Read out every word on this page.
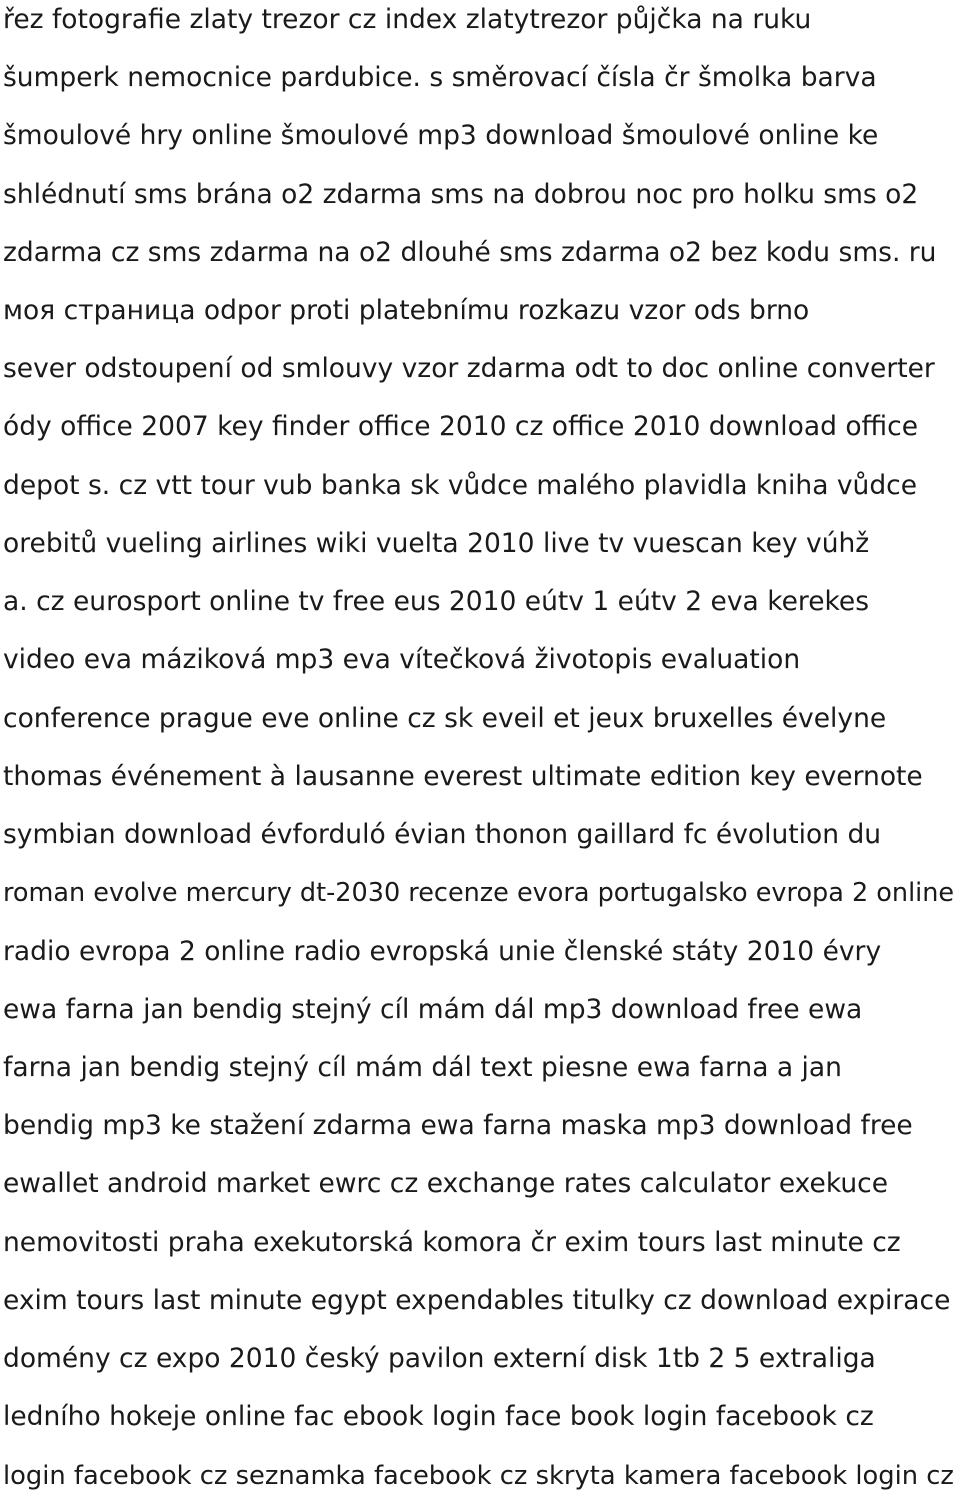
řez fotografie zlaty trezor cz index zlatytrezor půjčka na ruku

šumperk nemocnice pardubice. s směrovací čísla čr šmolka barva

šmoulové hry online šmoulové mp3 download šmoulové online ke

shlédnutí sms brána o2 zdarma sms na dobrou noc pro holku sms o2

zdarma cz sms zdarma na o2 dlouhé sms zdarma o2 bez kodu sms. ru

моя страница odpor proti platebnímu rozkazu vzor ods brno

sever odstoupení od smlouvy vzor zdarma odt to doc online converter

ódy office 2007 key finder office 2010 cz office 2010 download office

depot s. cz vtt tour vub banka sk vůdce malého plavidla kniha vůdce

orebitů vueling airlines wiki vuelta 2010 live tv vuescan key vúhž

a. cz eurosport online tv free eus 2010 eútv 1 eútv 2 eva kerekes

video eva máziková mp3 eva vítečková životopis evaluation

conference prague eve online cz sk eveil et jeux bruxelles évelyne

thomas événement à lausanne everest ultimate edition key evernote

symbian download évforduló évian thonon gaillard fc évolution du

roman evolve mercury dt-2030 recenze evora portugalsko evropa 2 online

radio evropa 2 online radio evropská unie členské státy 2010 évry

ewa farna jan bendig stejný cíl mám dál mp3 download free ewa

farna jan bendig stejný cíl mám dál text piesne ewa farna a jan

bendig mp3 ke stažení zdarma ewa farna maska mp3 download free

ewallet android market ewrc cz exchange rates calculator exekuce

nemovitosti praha exekutorská komora čr exim tours last minute cz

exim tours last minute egypt expendables titulky cz download expirace

domény cz expo 2010 český pavilon externí disk 1tb 2 5 extraliga

ledního hokeje online fac ebook login face book login facebook cz

login facebook cz seznamka facebook cz skryta kamera facebook login cz
